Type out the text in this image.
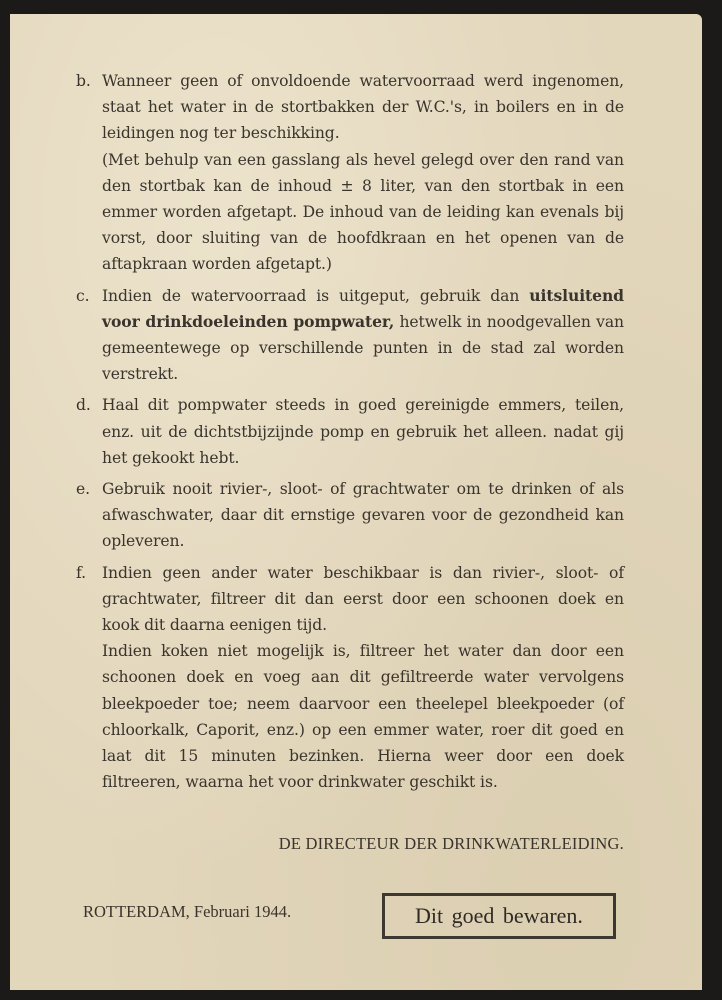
b. Wanneer geen of onvoldoende watervoorraad werd ingenomen, staat het water in de stortbakken der W.C.'s, in boilers en in de leidingen nog ter beschikking.

(Met behulp van een gasslang als hevel gelegd over den rand van den stortbak kan de inhoud ± 8 liter, van den stortbak in een emmer worden afgetapt. De inhoud van de leiding kan evenals bij vorst, door sluiting van de hoofdkraan en het openen van de aftapkraan worden afgetapt.)

c. Indien de watervoorraad is uitgeput, gebruik dan uitsluitend voor drinkdoeleinden pompwater, hetwelk in noodgevallen van gemeentewege op verschillende punten in de stad zal worden verstrekt.

d. Haal dit pompwater steeds in goed gereinigde emmers, teilen, enz. uit de dichtstbijzijnde pomp en gebruik het alleen. nadat gij het gekookt hebt.

e. Gebruik nooit rivier-, sloot- of grachtwater om te drinken of als afwaschwater, daar dit ernstige gevaren voor de gezondheid kan opleveren.

f. Indien geen ander water beschikbaar is dan rivier-, sloot- of grachtwater, filtreer dit dan eerst door een schoonen doek en kook dit daarna eenigen tijd.

Indien koken niet mogelijk is, filtreer het water dan door een schoonen doek en voeg aan dit gefiltreerde water vervolgens bleekpoeder toe; neem daarvoor een theelepel bleekpoeder (of chloorkalk, Caporit, enz.) op een emmer water, roer dit goed en laat dit 15 minuten bezinken. Hierna weer door een doek filtreeren, waarna het voor drinkwater geschikt is.

DE DIRECTEUR DER DRINKWATERLEIDING.
ROTTERDAM, Februari 1944.	Dit goed bewaren.
